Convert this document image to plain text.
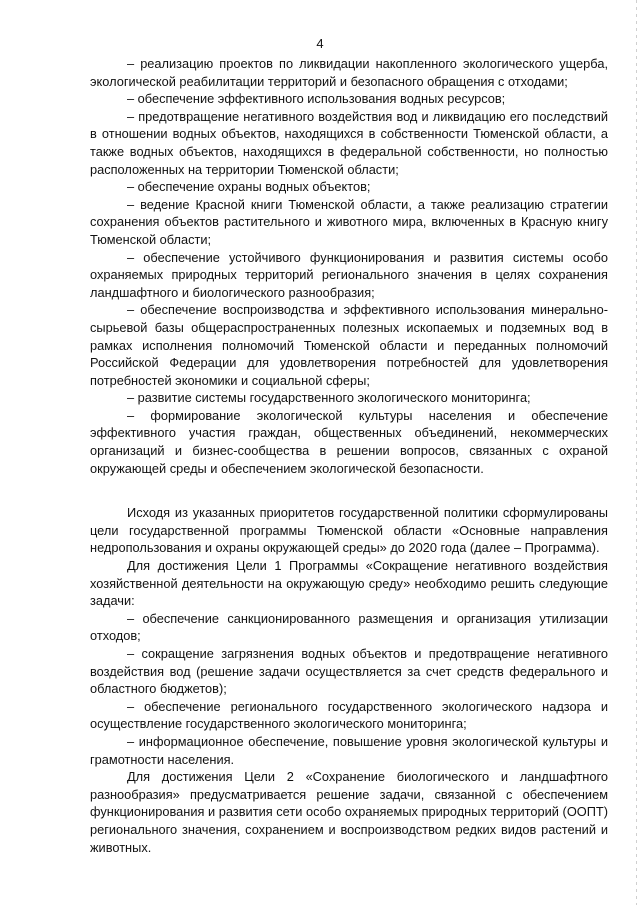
4

– реализацию проектов по ликвидации накопленного экологического ущерба, экологической реабилитации территорий и безопасного обращения с отходами;

– обеспечение эффективного использования водных ресурсов;

– предотвращение негативного воздействия вод и ликвидацию его последствий в отношении водных объектов, находящихся в собственности Тюменской области, а также водных объектов, находящихся в федеральной собственности, но полностью расположенных на территории Тюменской области;

– обеспечение охраны водных объектов;

– ведение Красной книги Тюменской области, а также реализацию стратегии сохранения объектов растительного и животного мира, включенных в Красную книгу Тюменской области;

– обеспечение устойчивого функционирования и развития системы особо охраняемых природных территорий регионального значения в целях сохранения ландшафтного и биологического разнообразия;

– обеспечение воспроизводства и эффективного использования минерально-сырьевой базы общераспространенных полезных ископаемых и подземных вод в рамках исполнения полномочий Тюменской области и переданных полномочий Российской Федерации для удовлетворения потребностей для удовлетворения потребностей экономики и социальной сферы;

– развитие системы государственного экологического мониторинга;

– формирование экологической культуры населения и обеспечение эффективного участия граждан, общественных объединений, некоммерческих организаций и бизнес-сообщества в решении вопросов, связанных с охраной окружающей среды и обеспечением экологической безопасности.

Исходя из указанных приоритетов государственной политики сформулированы цели государственной программы Тюменской области «Основные направления недропользования и охраны окружающей среды» до 2020 года (далее – Программа).

Для достижения Цели 1 Программы «Сокращение негативного воздействия хозяйственной деятельности на окружающую среду» необходимо решить следующие задачи:

– обеспечение санкционированного размещения и организация утилизации отходов;

– сокращение загрязнения водных объектов и предотвращение негативного воздействия вод (решение задачи осуществляется за счет средств федерального и областного бюджетов);

– обеспечение регионального государственного экологического надзора и осуществление государственного экологического мониторинга;

– информационное обеспечение, повышение уровня экологической культуры и грамотности населения.

Для достижения Цели 2 «Сохранение биологического и ландшафтного разнообразия» предусматривается решение задачи, связанной с обеспечением функционирования и развития сети особо охраняемых природных территорий (ООПТ) регионального значения, сохранением и воспроизводством редких видов растений и животных.
